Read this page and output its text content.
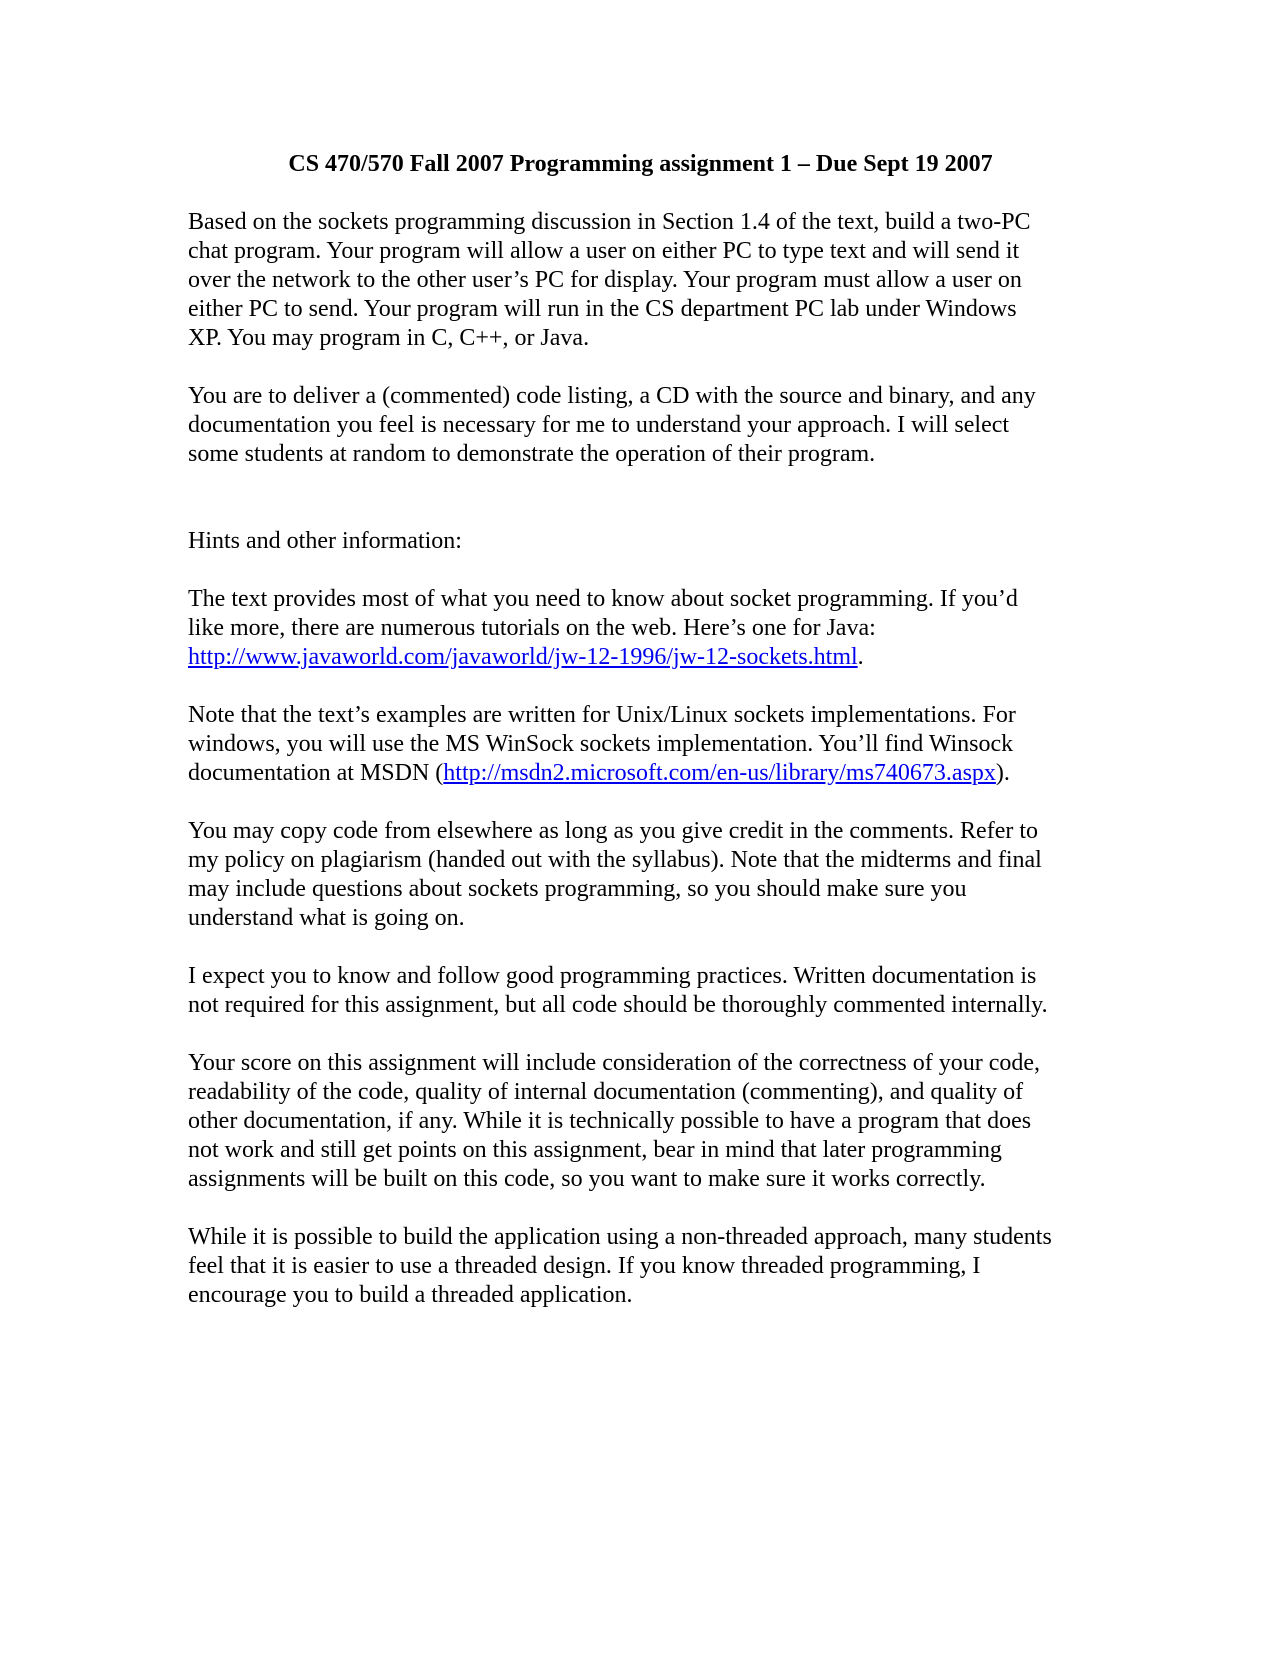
CS 470/570 Fall 2007 Programming assignment 1 – Due Sept 19 2007
Based on the sockets programming discussion in Section 1.4 of the text, build a two-PC
chat program. Your program will allow a user on either PC to type text and will send it
over the network to the other user’s PC for display. Your program must allow a user on
either PC to send. Your program will run in the CS department PC lab under Windows
XP. You may program in C, C++, or Java.
You are to deliver a (commented) code listing, a CD with the source and binary, and any
documentation you feel is necessary for me to understand your approach. I will select
some students at random to demonstrate the operation of their program.
Hints and other information:
The text provides most of what you need to know about socket programming. If you’d
like more, there are numerous tutorials on the web. Here’s one for Java:
http://www.javaworld.com/javaworld/jw-12-1996/jw-12-sockets.html.
Note that the text’s examples are written for Unix/Linux sockets implementations. For
windows, you will use the MS WinSock sockets implementation. You’ll find Winsock
documentation at MSDN (http://msdn2.microsoft.com/en-us/library/ms740673.aspx).
You may copy code from elsewhere as long as you give credit in the comments. Refer to
my policy on plagiarism (handed out with the syllabus). Note that the midterms and final
may include questions about sockets programming, so you should make sure you
understand what is going on.
I expect you to know and follow good programming practices. Written documentation is
not required for this assignment, but all code should be thoroughly commented internally.
Your score on this assignment will include consideration of the correctness of your code,
readability of the code, quality of internal documentation (commenting), and quality of
other documentation, if any. While it is technically possible to have a program that does
not work and still get points on this assignment, bear in mind that later programming
assignments will be built on this code, so you want to make sure it works correctly.
While it is possible to build the application using a non-threaded approach, many students
feel that it is easier to use a threaded design. If you know threaded programming, I
encourage you to build a threaded application.
